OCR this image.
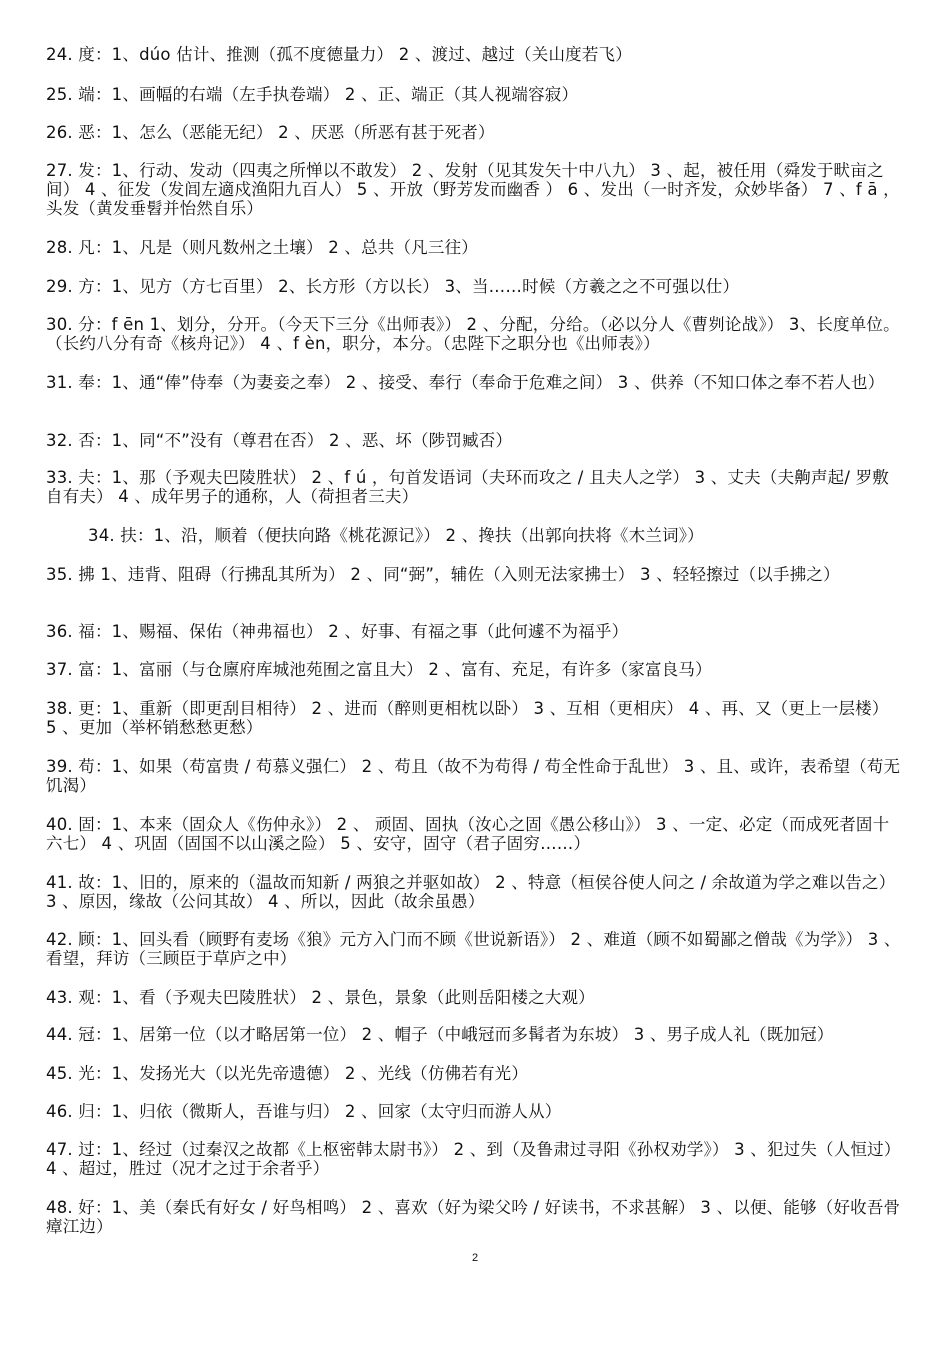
24. 度：1、dúo 估计、推测（孤不度德量力） 2 、渡过、越过（关山度若飞）
25. 端：1、画幅的右端（左手执卷端） 2 、正、端正（其人视端容寂）
26. 恶：1、怎么（恶能无纪） 2 、厌恶（所恶有甚于死者）
27. 发：1、行动、发动（四夷之所惮以不敢发） 2 、发射（见其发矢十中八九） 3 、起，被任用（舜发于畎亩之间） 4 、征发（发闾左適戍渔阳九百人） 5 、开放（野芳发而幽香 ） 6 、发出（一时齐发，众妙毕备） 7 、f ā ，头发（黄发垂髫并怡然自乐）
28. 凡：1、凡是（则凡数州之土壤） 2 、总共（凡三往）
29. 方：1、见方（方七百里） 2、长方形（方以长） 3、当……时候（方羲之之不可强以仕）
30. 分：f ēn 1、划分，分开。（今天下三分《出师表》） 2 、分配，分给。（必以分人《曹刿论战》） 3、长度单位。（长约八分有奇《核舟记》） 4 、f èn，职分，本分。（忠陛下之职分也《出师表》）
31. 奉：1、通“俸”侍奉（为妻妾之奉） 2 、接受、奉行（奉命于危难之间） 3 、供养（不知口体之奉不若人也）
32. 否：1、同“不”没有（尊君在否） 2 、恶、坏（陟罚臧否）
33. 夫：1、那（予观夫巴陵胜状） 2 、f ú ，句首发语词（夫环而攻之 / 且夫人之学） 3 、丈夫（夫齁声起/ 罗敷自有夫） 4 、成年男子的通称，人（荷担者三夫）
34. 扶：1、沿，顺着（便扶向路《桃花源记》） 2 、搀扶（出郭向扶将《木兰词》）
35. 拂 1、违背、阻碍（行拂乱其所为） 2 、同“弼”，辅佐（入则无法家拂士） 3 、轻轻擦过（以手拂之）
36. 福：1、赐福、保佑（神弗福也） 2 、好事、有福之事（此何遽不为福乎）
37. 富：1、富丽（与仓廪府库城池苑囿之富且大） 2 、富有、充足，有许多（家富良马）
38. 更：1、重新（即更刮目相待） 2 、进而（醉则更相枕以卧） 3 、互相（更相庆） 4 、再、又（更上一层楼） 5 、更加（举杯销愁愁更愁）
39. 苟：1、如果（苟富贵 / 苟慕义强仁） 2 、苟且（故不为苟得 / 苟全性命于乱世） 3 、且、或许，表希望（苟无饥渴）
40. 固：1、本来（固众人《伤仲永》） 2 、 顽固、固执（汝心之固《愚公移山》） 3 、一定、必定（而成死者固十六七） 4 、巩固（固国不以山溪之险） 5 、安守，固守（君子固穷……）
41. 故：1、旧的，原来的（温故而知新 / 两狼之并驱如故） 2 、特意（桓侯谷使人问之 / 余故道为学之难以告之） 3 、原因，缘故（公问其故） 4 、所以，因此（故余虽愚）
42. 顾：1、回头看（顾野有麦场《狼》元方入门而不顾《世说新语》） 2 、难道（顾不如蜀鄙之僧哉《为学》） 3 、看望，拜访（三顾臣于草庐之中）
43. 观：1、看（予观夫巴陵胜状） 2 、景色，景象（此则岳阳楼之大观）
44. 冠：1、居第一位（以才略居第一位） 2 、帽子（中峨冠而多髯者为东坡） 3 、男子成人礼（既加冠）
45. 光：1、发扬光大（以光先帝遗德） 2 、光线（仿佛若有光）
46. 归：1、归依（微斯人，吾谁与归） 2 、回家（太守归而游人从）
47. 过：1、经过（过秦汉之故都《上枢密韩太尉书》） 2 、到（及鲁肃过寻阳《孙权劝学》） 3 、犯过失（人恒过） 4 、超过，胜过（况才之过于余者乎）
48. 好：1、美（秦氏有好女 / 好鸟相鸣） 2 、喜欢（好为梁父吟 / 好读书，不求甚解） 3 、以便、能够（好收吾骨瘴江边）
2
